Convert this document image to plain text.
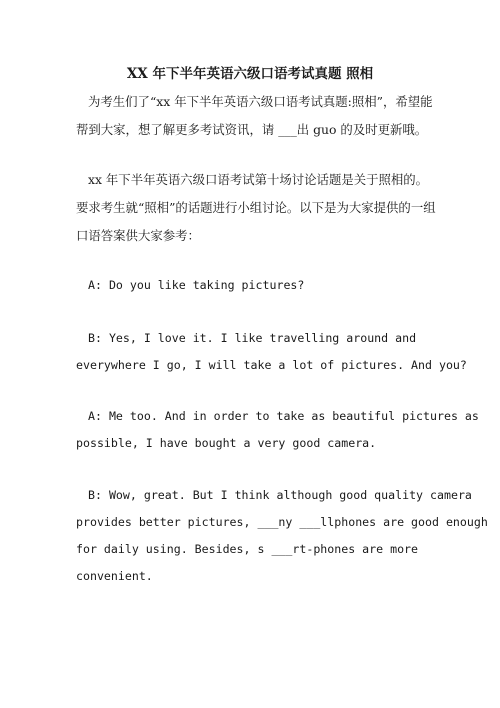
XX 年下半年英语六级口语考试真题 照相
为考生们了“xx 年下半年英语六级口语考试真题:照相”，希望能帮到大家，想了解更多考试资讯，请 ___出 guo 的及时更新哦。
xx 年下半年英语六级口语考试第十场讨论话题是关于照相的。要求考生就“照相”的话题进行小组讨论。以下是为大家提供的一组口语答案供大家参考：
A: Do you like taking pictures?
B: Yes, I love it. I like travelling around and
everywhere I go, I will take a lot of pictures. And you?
A: Me too. And in order to take as beautiful pictures as
possible, I have bought a very good camera.
B: Wow, great. But I think although good quality camera
provides better pictures, ___ny ___llphones are good enough
for daily using. Besides, s ___rt-phones are more
convenient.
